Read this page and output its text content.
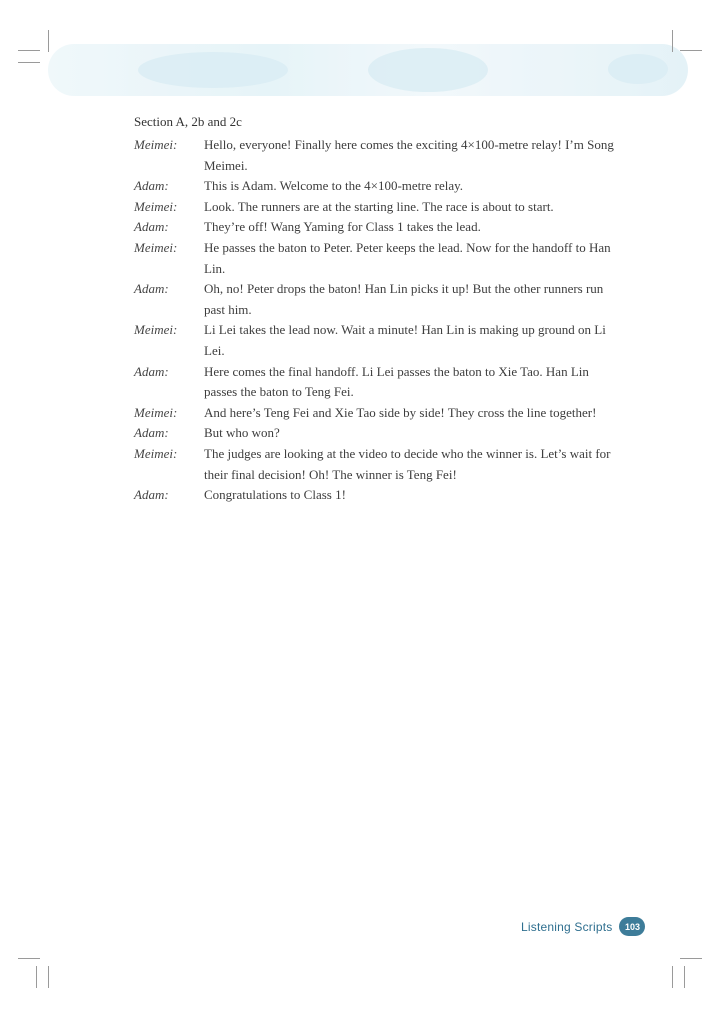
Section A, 2b and 2c
Meimei:	Hello, everyone! Finally here comes the exciting 4×100-metre relay! I’m Song
Meimei.
Adam:	This is Adam. Welcome to the 4×100-metre relay.
Meimei:	Look. The runners are at the starting line. The race is about to start.
Adam:	They’re off! Wang Yaming for Class 1 takes the lead.
Meimei:	He passes the baton to Peter. Peter keeps the lead. Now for the handoff to Han
Lin.
Adam:	Oh, no! Peter drops the baton! Han Lin picks it up! But the other runners run
past him.
Meimei:	Li Lei takes the lead now. Wait a minute! Han Lin is making up ground on Li
Lei.
Adam:	Here comes the final handoff. Li Lei passes the baton to Xie Tao. Han Lin
passes the baton to Teng Fei.
Meimei:	And here’s Teng Fei and Xie Tao side by side! They cross the line together!
Adam:	But who won?
Meimei:	The judges are looking at the video to decide who the winner is. Let’s wait for
their final decision! Oh! The winner is Teng Fei!
Adam:	Congratulations to Class 1!
Listening Scripts	103
